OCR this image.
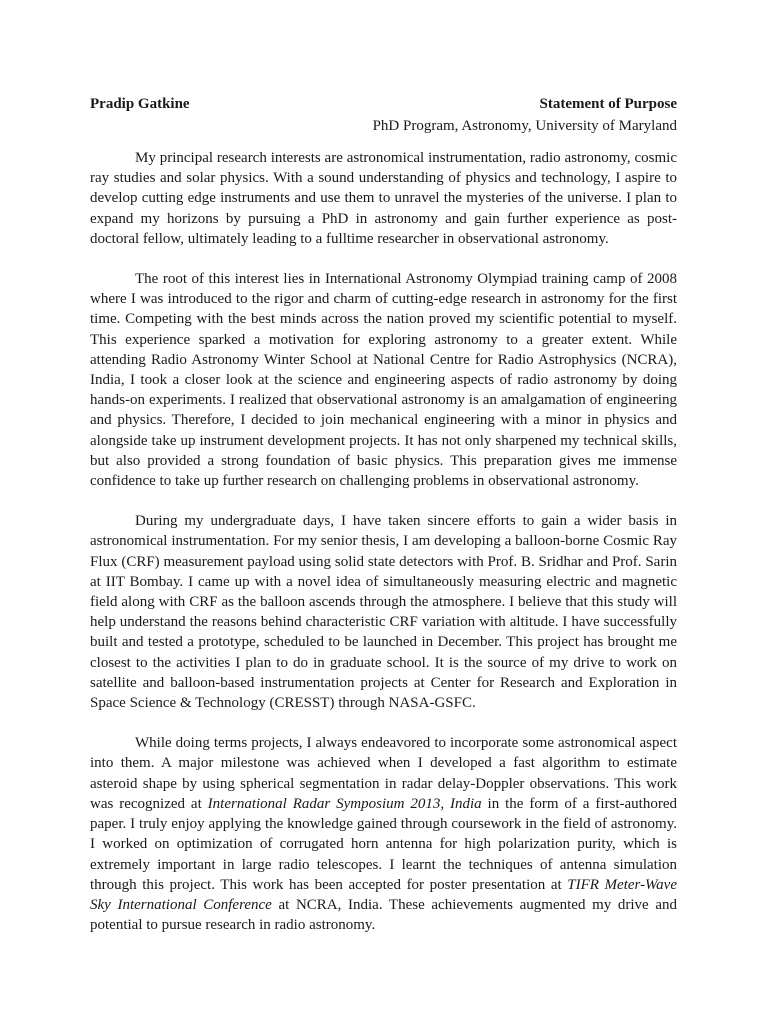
Pradip Gatkine	Statement of Purpose
PhD Program, Astronomy, University of Maryland

My principal research interests are astronomical instrumentation, radio astronomy, cosmic ray studies and solar physics. With a sound understanding of physics and technology, I aspire to develop cutting edge instruments and use them to unravel the mysteries of the universe. I plan to expand my horizons by pursuing a PhD in astronomy and gain further experience as post-doctoral fellow, ultimately leading to a fulltime researcher in observational astronomy.

The root of this interest lies in International Astronomy Olympiad training camp of 2008 where I was introduced to the rigor and charm of cutting-edge research in astronomy for the first time. Competing with the best minds across the nation proved my scientific potential to myself. This experience sparked a motivation for exploring astronomy to a greater extent. While attending Radio Astronomy Winter School at National Centre for Radio Astrophysics (NCRA), India, I took a closer look at the science and engineering aspects of radio astronomy by doing hands-on experiments. I realized that observational astronomy is an amalgamation of engineering and physics. Therefore, I decided to join mechanical engineering with a minor in physics and alongside take up instrument development projects. It has not only sharpened my technical skills, but also provided a strong foundation of basic physics. This preparation gives me immense confidence to take up further research on challenging problems in observational astronomy.

During my undergraduate days, I have taken sincere efforts to gain a wider basis in astronomical instrumentation. For my senior thesis, I am developing a balloon-borne Cosmic Ray Flux (CRF) measurement payload using solid state detectors with Prof. B. Sridhar and Prof. Sarin at IIT Bombay. I came up with a novel idea of simultaneously measuring electric and magnetic field along with CRF as the balloon ascends through the atmosphere. I believe that this study will help understand the reasons behind characteristic CRF variation with altitude. I have successfully built and tested a prototype, scheduled to be launched in December. This project has brought me closest to the activities I plan to do in graduate school. It is the source of my drive to work on satellite and balloon-based instrumentation projects at Center for Research and Exploration in Space Science & Technology (CRESST) through NASA-GSFC.

While doing terms projects, I always endeavored to incorporate some astronomical aspect into them. A major milestone was achieved when I developed a fast algorithm to estimate asteroid shape by using spherical segmentation in radar delay-Doppler observations. This work was recognized at International Radar Symposium 2013, India in the form of a first-authored paper. I truly enjoy applying the knowledge gained through coursework in the field of astronomy. I worked on optimization of corrugated horn antenna for high polarization purity, which is extremely important in large radio telescopes. I learnt the techniques of antenna simulation through this project. This work has been accepted for poster presentation at TIFR Meter-Wave Sky International Conference at NCRA, India. These achievements augmented my drive and potential to pursue research in radio astronomy.
